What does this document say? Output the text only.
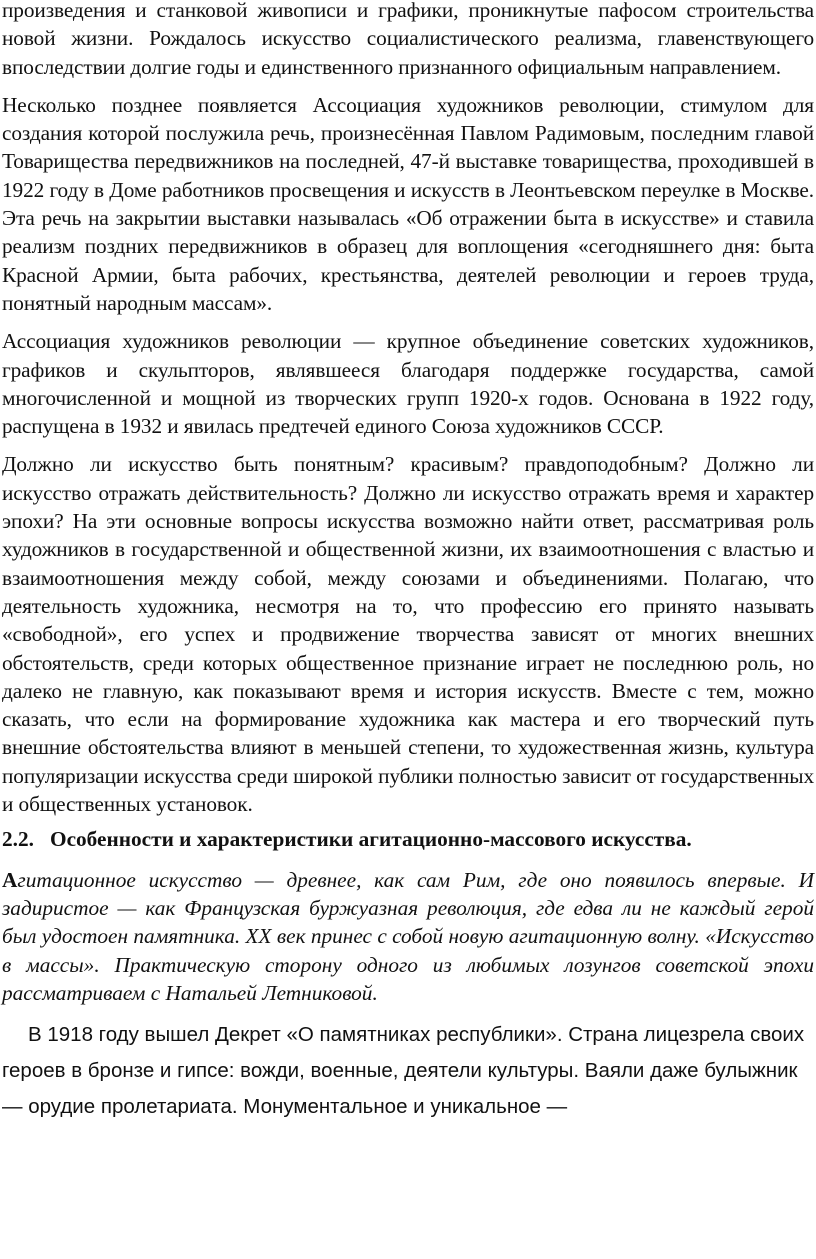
произведения и станковой живописи и графики, проникнутые пафосом строительства новой жизни. Рождалось искусство социалистического реализма, главенствующего впоследствии долгие годы и единственного признанного официальным направлением.

Несколько позднее появляется Ассоциация художников революции, стимулом для создания которой послужила речь, произнесённая Павлом Радимовым, последним главой Товарищества передвижников на последней, 47-й выставке товарищества, проходившей в 1922 году в Доме работников просвещения и искусств в Леонтьевском переулке в Москве. Эта речь на закрытии выставки называлась «Об отражении быта в искусстве» и ставила реализм поздних передвижников в образец для воплощения «сегодняшнего дня: быта Красной Армии, быта рабочих, крестьянства, деятелей революции и героев труда, понятный народным массам».

Ассоциация художников революции — крупное объединение советских художников, графиков и скульпторов, являвшееся благодаря поддержке государства, самой многочисленной и мощной из творческих групп 1920-х годов. Основана в 1922 году, распущена в 1932 и явилась предтечей единого Союза художников СССР.

Должно ли искусство быть понятным? красивым? правдоподобным? Должно ли искусство отражать действительность? Должно ли искусство отражать время и характер эпохи? На эти основные вопросы искусства возможно найти ответ, рассматривая роль художников в государственной и общественной жизни, их взаимоотношения с властью и взаимоотношения между собой, между союзами и объединениями. Полагаю, что деятельность художника, несмотря на то, что профессию его принято называть «свободной», его успех и продвижение творчества зависят от многих внешних обстоятельств, среди которых общественное признание играет не последнюю роль, но далеко не главную, как показывают время и история искусств. Вместе с тем, можно сказать, что если на формирование художника как мастера и его творческий путь внешние обстоятельства влияют в меньшей степени, то художественная жизнь, культура популяризации искусства среди широкой публики полностью зависит от государственных и общественных установок.

2.2. Особенности и характеристики агитационно-массового искусства.

Агитационное искусство — древнее, как сам Рим, где оно появилось впервые. И задиристое — как Французская буржуазная революция, где едва ли не каждый герой был удостоен памятника. XX век принес с собой новую агитационную волну. «Искусство в массы». Практическую сторону одного из любимых лозунгов советской эпохи рассматриваем с Натальей Летниковой.

В 1918 году вышел Декрет «О памятниках республики». Страна лицезрела своих героев в бронзе и гипсе: вожди, военные, деятели культуры. Ваяли даже булыжник — орудие пролетариата. Монументальное и уникальное —
